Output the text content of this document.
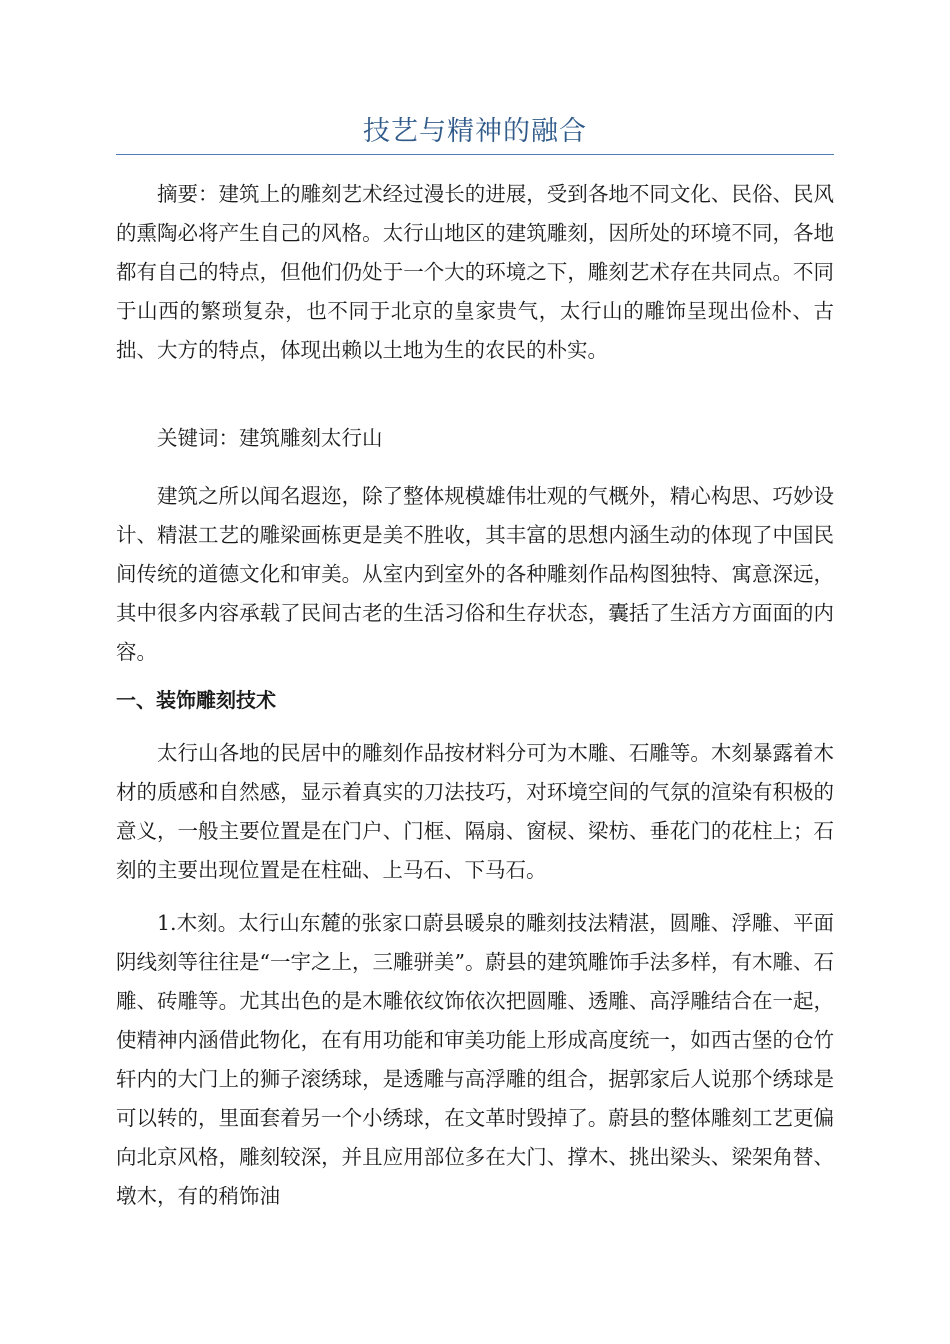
技艺与精神的融合

摘要：建筑上的雕刻艺术经过漫长的进展，受到各地不同文化、民俗、民风的熏陶必将产生自己的风格。太行山地区的建筑雕刻，因所处的环境不同，各地都有自己的特点，但他们仍处于一个大的环境之下，雕刻艺术存在共同点。不同于山西的繁琐复杂，也不同于北京的皇家贵气，太行山的雕饰呈现出俭朴、古拙、大方的特点，体现出赖以土地为生的农民的朴实。

关键词：建筑雕刻太行山

建筑之所以闻名遐迩，除了整体规模雄伟壮观的气概外，精心构思、巧妙设计、精湛工艺的雕梁画栋更是美不胜收，其丰富的思想内涵生动的体现了中国民间传统的道德文化和审美。从室内到室外的各种雕刻作品构图独特、寓意深远，其中很多内容承载了民间古老的生活习俗和生存状态，囊括了生活方方面面的内容。

一、装饰雕刻技术

太行山各地的民居中的雕刻作品按材料分可为木雕、石雕等。木刻暴露着木材的质感和自然感，显示着真实的刀法技巧，对环境空间的气氛的渲染有积极的意义，一般主要位置是在门户、门框、隔扇、窗棂、梁枋、垂花门的花柱上；石刻的主要出现位置是在柱础、上马石、下马石。

1.木刻。太行山东麓的张家口蔚县暖泉的雕刻技法精湛，圆雕、浮雕、平面阴线刻等往往是“一宇之上，三雕骈美”。蔚县的建筑雕饰手法多样，有木雕、石雕、砖雕等。尤其出色的是木雕依纹饰依次把圆雕、透雕、高浮雕结合在一起，使精神内涵借此物化，在有用功能和审美功能上形成高度统一，如西古堡的仓竹轩内的大门上的狮子滚绣球，是透雕与高浮雕的组合，据郭家后人说那个绣球是可以转的，里面套着另一个小绣球，在文革时毁掉了。蔚县的整体雕刻工艺更偏向北京风格，雕刻较深，并且应用部位多在大门、撑木、挑出梁头、梁架角替、墩木，有的稍饰油
